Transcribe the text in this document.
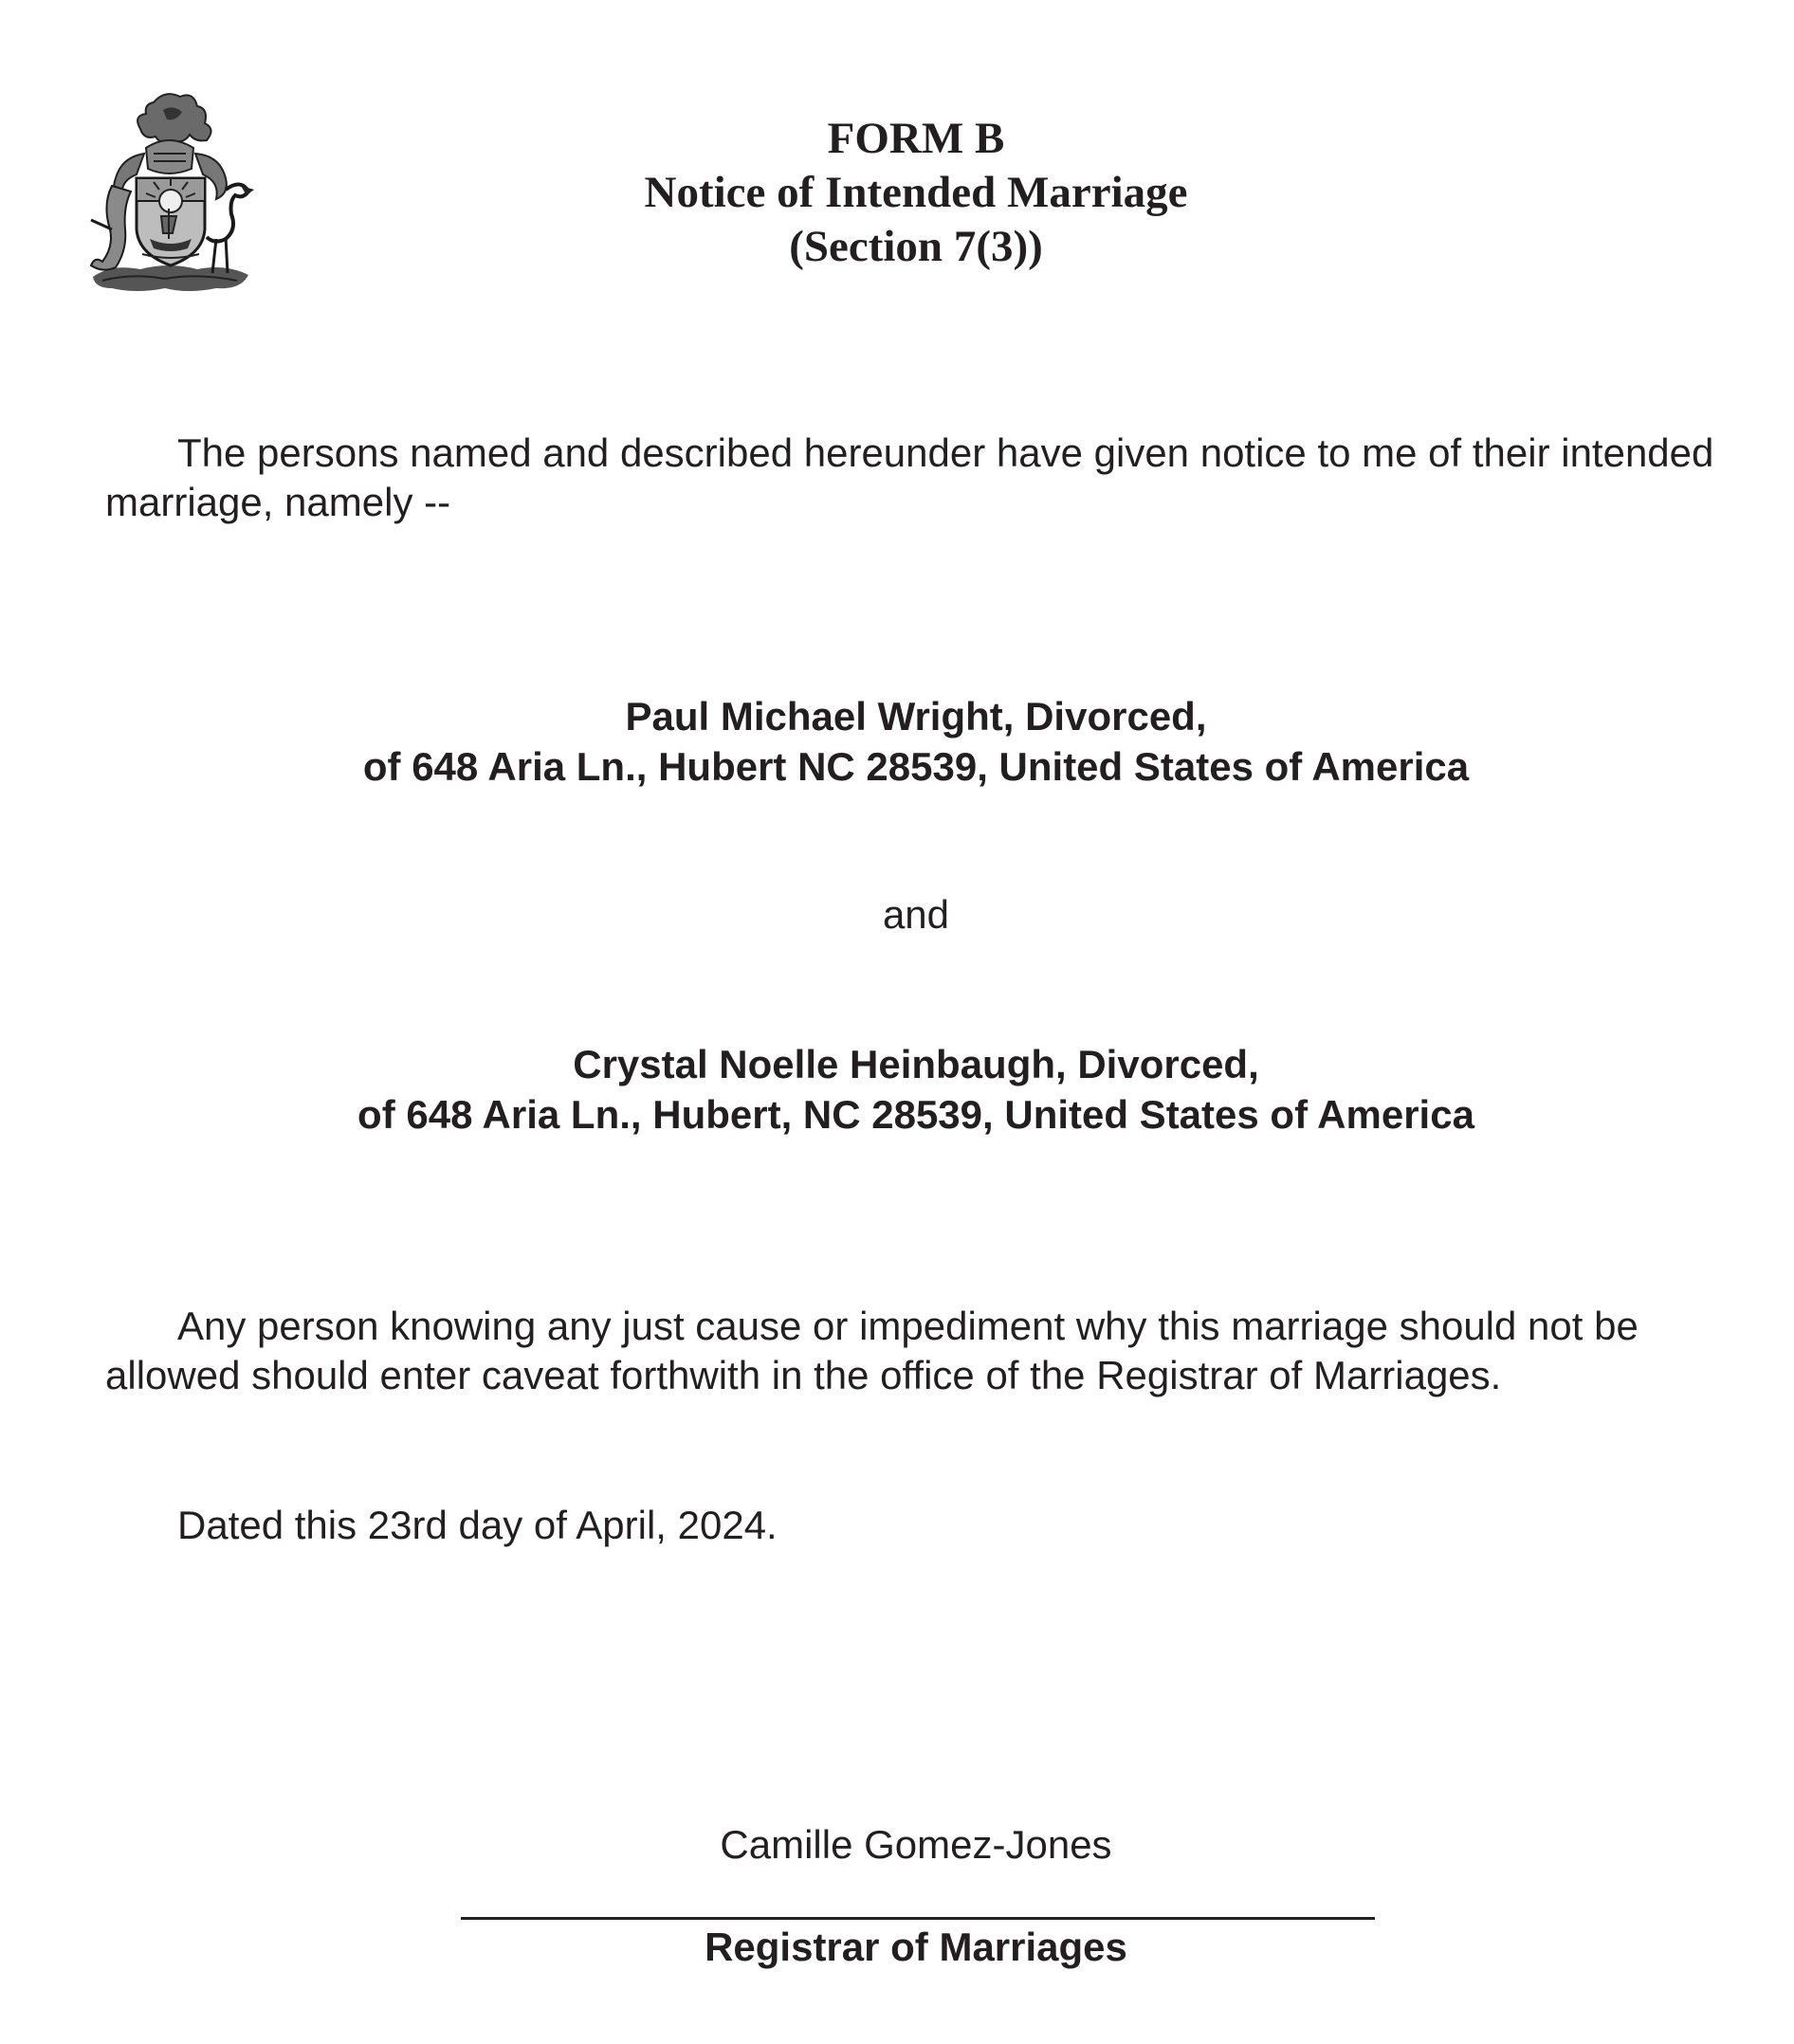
FORM B
Notice of Intended Marriage
(Section 7(3))
The persons named and described hereunder have given notice to me of their intended marriage, namely --
Paul Michael Wright, Divorced,
of 648 Aria Ln., Hubert NC 28539, United States of America
and
Crystal Noelle Heinbaugh, Divorced,
of 648 Aria Ln., Hubert, NC 28539, United States of America
Any person knowing any just cause or impediment why this marriage should not be allowed should enter caveat forthwith in the office of the Registrar of Marriages.
Dated this 23rd day of April, 2024.
Camille Gomez-Jones
Registrar of Marriages
